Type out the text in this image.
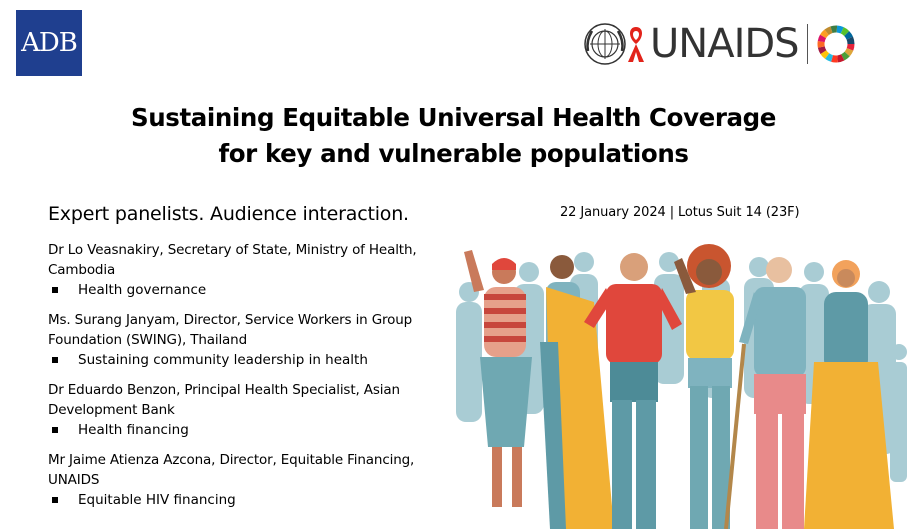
ADB	UNAIDS
Sustaining Equitable Universal Health Coverage
for key and vulnerable populations
Expert panelists. Audience interaction.	22 January 2024 | Lotus Suit 14 (23F)
Dr Lo Veasnakiry, Secretary of State, Ministry of Health,
Cambodia
Health governance
Ms. Surang Janyam, Director, Service Workers in Group
Foundation (SWING), Thailand
Sustaining community leadership in health
Dr Eduardo Benzon, Principal Health Specialist, Asian
Development Bank
Health financing
Mr Jaime Atienza Azcona, Director, Equitable Financing,
UNAIDS
Equitable HIV financing
